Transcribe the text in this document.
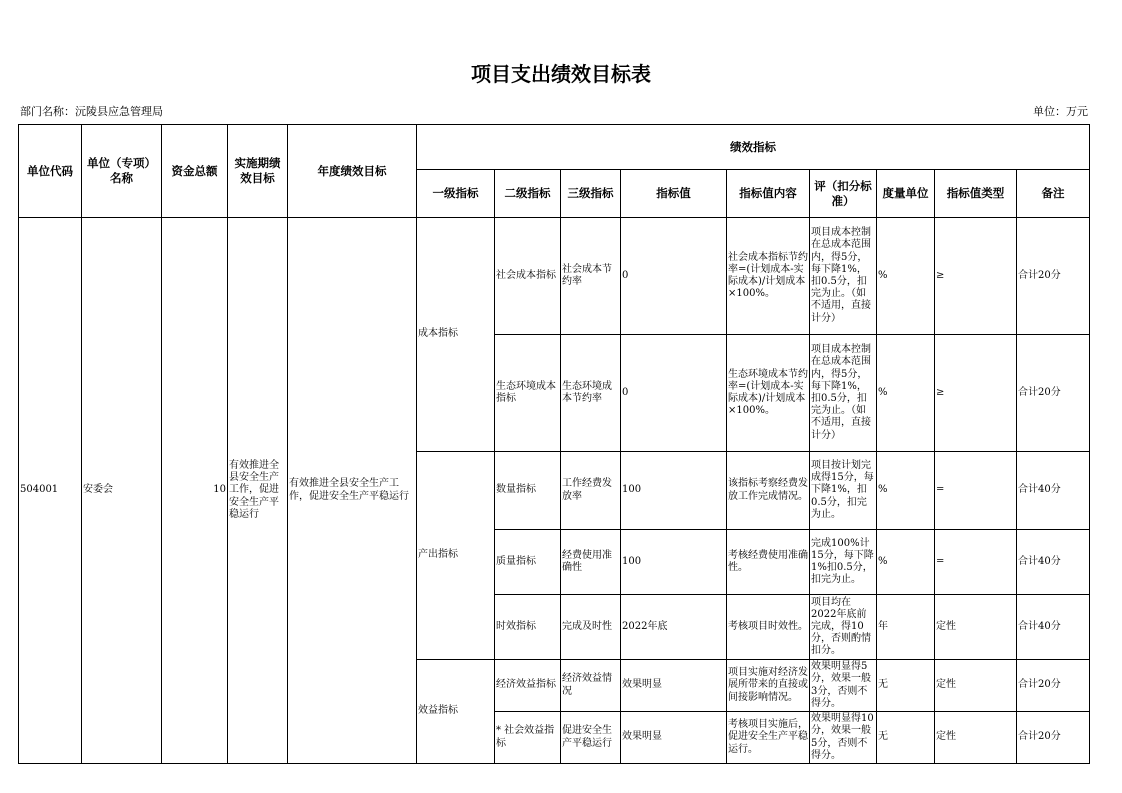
项目支出绩效目标表
部门名称：沅陵县应急管理局	单位：万元
单位代码	单位（专项）名称	资金总额	实施期绩效目标	年度绩效目标	绩效指标								
					一级指标	二级指标	三级指标	指标值	指标值内容	评（扣分标准）	度量单位	指标值类型	备注
504001	安委会	10	有效推进全县安全生产工作，促进安全生产平稳运行	有效推进全县安全生产工作，促进安全生产平稳运行	成本指标	社会成本指标	社会成本节约率	0	社会成本指标节约率=(计划成本-实际成本)/计划成本×100%。	项目成本控制在总成本范围内，得5分，每下降1%，扣0.5分，扣完为止。（如不适用，直接计分）	%	≥	合计20分
						生态环境成本指标	生态环境成本节约率	0	生态环境成本节约率=(计划成本-实际成本)/计划成本×100%。	项目成本控制在总成本范围内，得5分，每下降1%，扣0.5分，扣完为止。（如不适用，直接计分）	%	≥	合计20分
					产出指标	数量指标	工作经费发放率	100	该指标考察经费发放工作完成情况。	项目按计划完成得15分，每下降1%，扣0.5分，扣完为止。	%	=	合计40分
						质量指标	经费使用准确性	100	考核经费使用准确性。	完成100%计15分，每下降1%扣0.5分，扣完为止。	%	=	合计40分
						时效指标	完成及时性	2022年底	考核项目时效性。	项目均在2022年底前完成，得10分，否则酌情扣分。	年	定性	合计40分
					效益指标	经济效益指标	经济效益情况	效果明显	项目实施对经济发展所带来的直接或间接影响情况。	效果明显得5分，效果一般3分，否则不得分。	无	定性	合计20分
						* 社会效益指标	促进安全生产平稳运行	效果明显	考核项目实施后，促进安全生产平稳运行。	效果明显得10分，效果一般5分，否则不得分。	无	定性	合计20分
